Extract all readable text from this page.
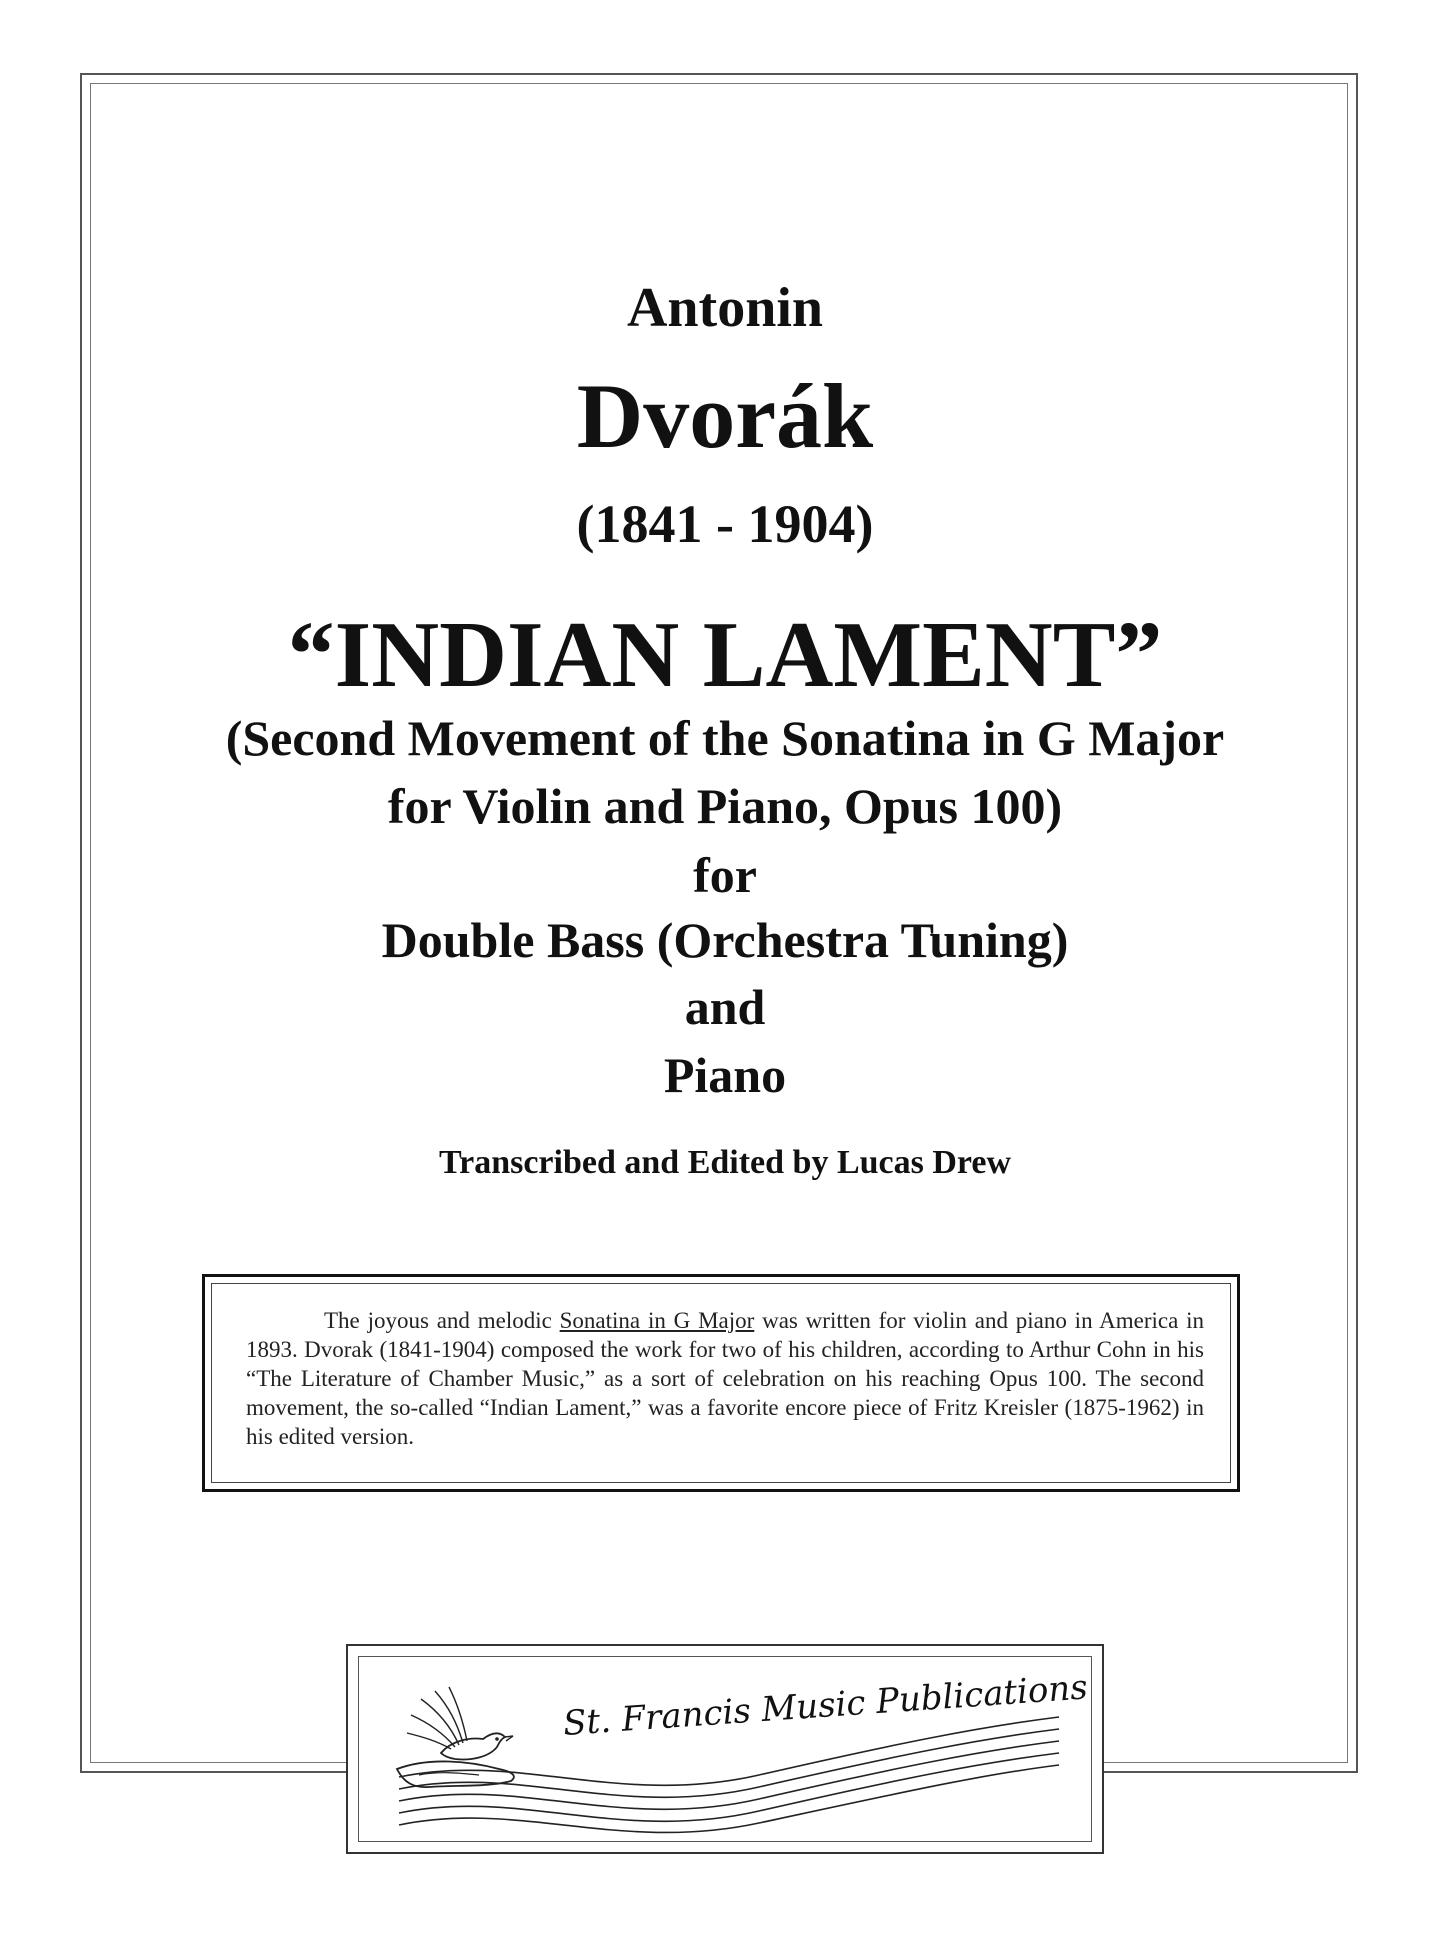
Antonin
Dvorák
(1841 - 1904)
“INDIAN LAMENT”
(Second Movement of the Sonatina in G Major
for Violin and Piano, Opus 100)
for
Double Bass (Orchestra Tuning)
and
Piano
Transcribed and Edited by Lucas Drew
The joyous and melodic Sonatina in G Major was written for violin and piano in America in 1893. Dvorak (1841-1904) composed the work for two of his children, according to Arthur Cohn in his “The Literature of Chamber Music,” as a sort of celebration on his reaching Opus 100. The second movement, the so-called “Indian Lament,” was a favorite encore piece of Fritz Kreisler (1875-1962) in his edited version.
St. Francis Music Publications
